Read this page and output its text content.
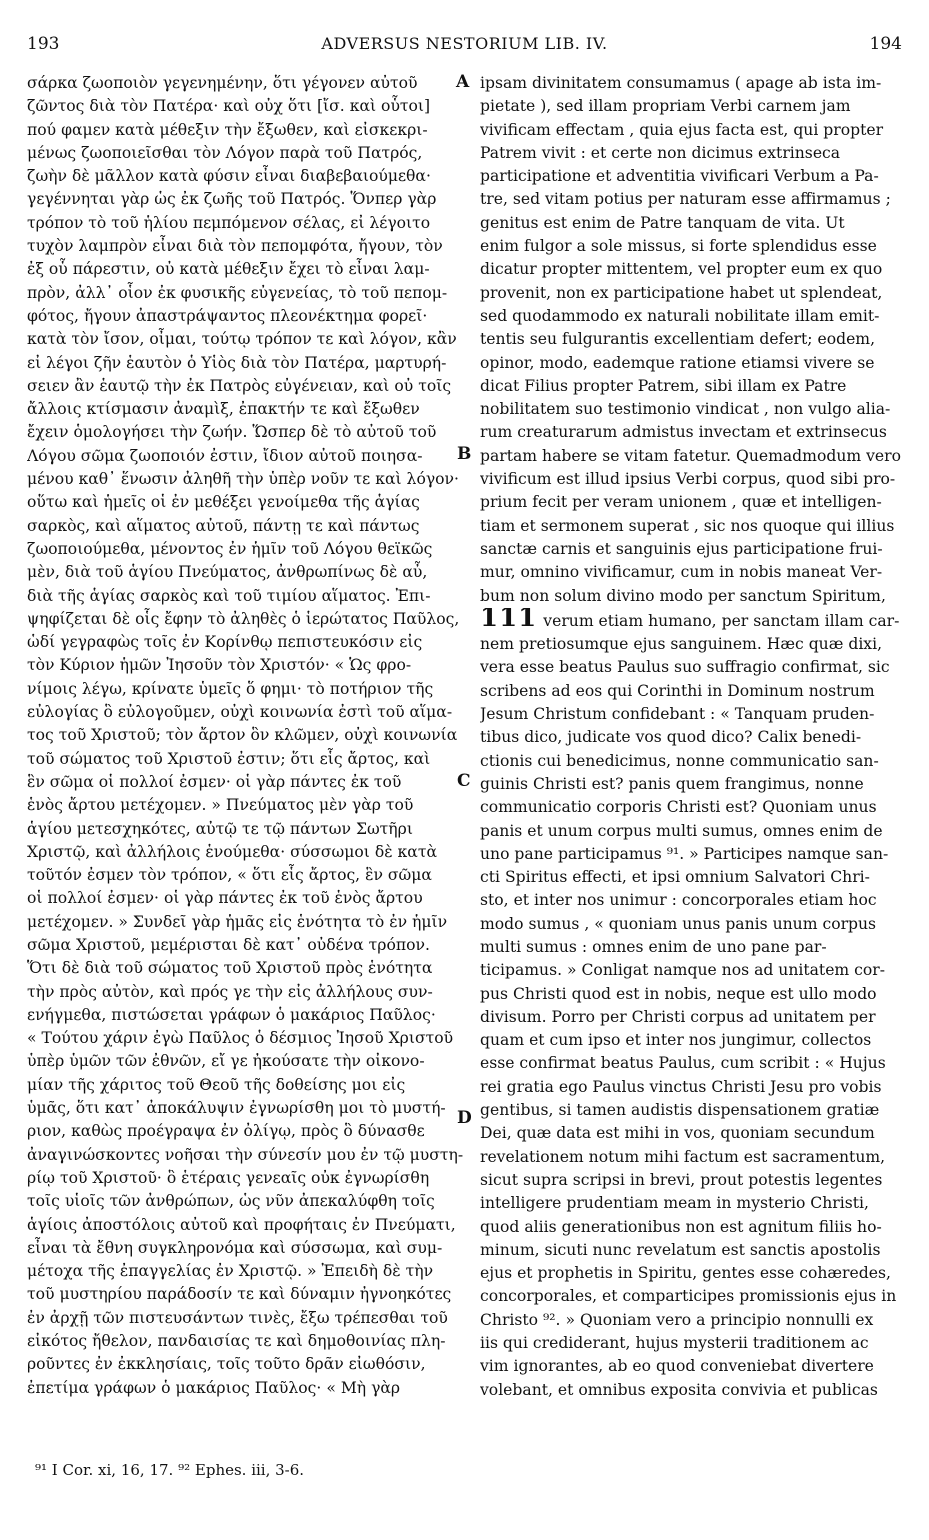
193	ADVERSUS NESTORIUM LIB. IV.	194
σάρκα ζωοποιὸν γεγενημένην, ὅτι γέγονεν αὐτοῦ
ζῶντος διὰ τὸν Πατέρα· καὶ οὐχ ὅτι [ἴσ. καὶ οὗτοι]
πού φαμεν κατὰ μέθεξιν τὴν ἔξωθεν, καὶ εἰσκεκρι-
μένως ζωοποιεῖσθαι τὸν Λόγον παρὰ τοῦ Πατρός,
ζωὴν δὲ μᾶλλον κατὰ φύσιν εἶναι διαβεβαιούμεθα·
γεγέννηται γὰρ ὡς ἐκ ζωῆς τοῦ Πατρός. Ὅνπερ γὰρ
τρόπον τὸ τοῦ ἡλίου πεμπόμενον σέλας, εἰ λέγοιτο
τυχὸν λαμπρὸν εἶναι διὰ τὸν πεπομφότα, ἤγουν, τὸν
ἐξ οὗ πάρεστιν, οὐ κατὰ μέθεξιν ἔχει τὸ εἶναι λαμ-
πρὸν, ἀλλ᾽ οἷον ἐκ φυσικῆς εὐγενείας, τὸ τοῦ πεπομ-
φότος, ἤγουν ἀπαστράψαντος πλεονέκτημα φορεῖ·
κατὰ τὸν ἴσον, οἶμαι, τούτῳ τρόπον τε καὶ λόγον, κἂν
εἰ λέγοι ζῆν ἑαυτὸν ὁ Υἱὸς διὰ τὸν Πατέρα, μαρτυρή-
σειεν ἂν ἑαυτῷ τὴν ἐκ Πατρὸς εὐγένειαν, καὶ οὐ τοῖς
ἄλλοις κτίσμασιν ἀναμὶξ, ἐπακτήν τε καὶ ἔξωθεν
ἔχειν ὁμολογήσει τὴν ζωήν. Ὥσπερ δὲ τὸ αὐτοῦ τοῦ
Λόγου σῶμα ζωοποιόν ἐστιν, ἴδιον αὐτοῦ ποιησα-
μένου καθ᾽ ἕνωσιν ἀληθῆ τὴν ὑπὲρ νοῦν τε καὶ λόγον·
οὕτω καὶ ἡμεῖς οἱ ἐν μεθέξει γενοίμεθα τῆς ἁγίας
σαρκὸς, καὶ αἵματος αὐτοῦ, πάντῃ τε καὶ πάντως
ζωοποιούμεθα, μένοντος ἐν ἡμῖν τοῦ Λόγου θεϊκῶς
μὲν, διὰ τοῦ ἁγίου Πνεύματος, ἀνθρωπίνως δὲ αὖ,
διὰ τῆς ἁγίας σαρκὸς καὶ τοῦ τιμίου αἵματος. Ἐπι-
ψηφίζεται δὲ οἷς ἔφην τὸ ἀληθὲς ὁ ἱερώτατος Παῦλος,
ὡδί γεγραφὼς τοῖς ἐν Κορίνθῳ πεπιστευκόσιν εἰς
τὸν Κύριον ἡμῶν Ἰησοῦν τὸν Χριστόν· « Ὡς φρο-
νίμοις λέγω, κρίνατε ὑμεῖς ὅ φημι· τὸ ποτήριον τῆς
εὐλογίας ὃ εὐλογοῦμεν, οὐχὶ κοινωνία ἐστὶ τοῦ αἵμα-
τος τοῦ Χριστοῦ; τὸν ἄρτον ὃν κλῶμεν, οὐχὶ κοινωνία
τοῦ σώματος τοῦ Χριστοῦ ἐστιν; ὅτι εἷς ἄρτος, καὶ
ἓν σῶμα οἱ πολλοί ἐσμεν· οἱ γὰρ πάντες ἐκ τοῦ
ἑνὸς ἄρτου μετέχομεν. » Πνεύματος μὲν γὰρ τοῦ
ἁγίου μετεσχηκότες, αὐτῷ τε τῷ πάντων Σωτῆρι
Χριστῷ, καὶ ἀλλήλοις ἑνούμεθα· σύσσωμοι δὲ κατὰ
τοῦτόν ἐσμεν τὸν τρόπον, « ὅτι εἷς ἄρτος, ἓν σῶμα
οἱ πολλοί ἐσμεν· οἱ γὰρ πάντες ἐκ τοῦ ἑνὸς ἄρτου
μετέχομεν. » Συνδεῖ γὰρ ἡμᾶς εἰς ἑνότητα τὸ ἐν ἡμῖν
σῶμα Χριστοῦ, μεμέρισται δὲ κατ᾽ οὐδένα τρόπον.
Ὅτι δὲ διὰ τοῦ σώματος τοῦ Χριστοῦ πρὸς ἑνότητα
τὴν πρὸς αὐτὸν, καὶ πρός γε τὴν εἰς ἀλλήλους συν-
ενήγμεθα, πιστώσεται γράφων ὁ μακάριος Παῦλος·
« Τούτου χάριν ἐγὼ Παῦλος ὁ δέσμιος Ἰησοῦ Χριστοῦ
ὑπὲρ ὑμῶν τῶν ἐθνῶν, εἴ γε ἠκούσατε τὴν οἰκονο-
μίαν τῆς χάριτος τοῦ Θεοῦ τῆς δοθείσης μοι εἰς
ὑμᾶς, ὅτι κατ᾽ ἀποκάλυψιν ἐγνωρίσθη μοι τὸ μυστή-
ριον, καθὼς προέγραψα ἐν ὀλίγῳ, πρὸς ὃ δύνασθε
ἀναγινώσκοντες νοῆσαι τὴν σύνεσίν μου ἐν τῷ μυστη-
ρίῳ τοῦ Χριστοῦ· ὃ ἑτέραις γενεαῖς οὐκ ἐγνωρίσθη
τοῖς υἱοῖς τῶν ἀνθρώπων, ὡς νῦν ἀπεκαλύφθη τοῖς
ἁγίοις ἀποστόλοις αὐτοῦ καὶ προφήταις ἐν Πνεύματι,
εἶναι τὰ ἔθνη συγκληρονόμα καὶ σύσσωμα, καὶ συμ-
μέτοχα τῆς ἐπαγγελίας ἐν Χριστῷ. » Ἐπειδὴ δὲ τὴν
τοῦ μυστηρίου παράδοσίν τε καὶ δύναμιν ἠγνοηκότες
ἐν ἀρχῇ τῶν πιστευσάντων τινὲς, ἔξω τρέπεσθαι τοῦ
εἰκότος ἤθελον, πανδαισίας τε καὶ δημοθοινίας πλη-
ροῦντες ἐν ἐκκλησίαις, τοῖς τοῦτο δρᾶν εἰωθόσιν,
ἐπετίμα γράφων ὁ μακάριος Παῦλος· « Μὴ γὰρ
A
B
C
D
ipsam divinitatem consumamus ( apage ab ista im-
pietate ), sed illam propriam Verbi carnem jam
vivificam effectam , quia ejus facta est, qui propter
Patrem vivit : et certe non dicimus extrinseca
participatione et adventitia vivificari Verbum a Pa-
tre, sed vitam potius per naturam esse affirmamus ;
genitus est enim de Patre tanquam de vita. Ut
enim fulgor a sole missus, si forte splendidus esse
dicatur propter mittentem, vel propter eum ex quo
provenit, non ex participatione habet ut splendeat,
sed quodammodo ex naturali nobilitate illam emit-
tentis seu fulgurantis excellentiam defert; eodem,
opinor, modo, eademque ratione etiamsi vivere se
dicat Filius propter Patrem, sibi illam ex Patre
nobilitatem suo testimonio vindicat , non vulgo alia-
rum creaturarum admistus invectam et extrinsecus
partam habere se vitam fatetur. Quemadmodum vero
vivificum est illud ipsius Verbi corpus, quod sibi pro-
prium fecit per veram unionem , quæ et intelligen-
tiam et sermonem superat , sic nos quoque qui illius
sanctæ carnis et sanguinis ejus participatione frui-
mur, omnino vivificamur, cum in nobis maneat Ver-
bum non solum divino modo per sanctum Spiritum,
111 verum etiam humano, per sanctam illam car-
nem pretiosumque ejus sanguinem. Hæc quæ dixi,
vera esse beatus Paulus suo suffragio confirmat, sic
scribens ad eos qui Corinthi in Dominum nostrum
Jesum Christum confidebant : « Tanquam pruden-
tibus dico, judicate vos quod dico? Calix benedi-
ctionis cui benedicimus, nonne communicatio san-
guinis Christi est? panis quem frangimus, nonne
communicatio corporis Christi est? Quoniam unus
panis et unum corpus multi sumus, omnes enim de
uno pane participamus ⁹¹. » Participes namque san-
cti Spiritus effecti, et ipsi omnium Salvatori Chri-
sto, et inter nos unimur : concorporales etiam hoc
modo sumus , « quoniam unus panis unum corpus
multi sumus : omnes enim de uno pane par-
ticipamus. » Conligat namque nos ad unitatem cor-
pus Christi quod est in nobis, neque est ullo modo
divisum. Porro per Christi corpus ad unitatem per
quam et cum ipso et inter nos jungimur, collectos
esse confirmat beatus Paulus, cum scribit : « Hujus
rei gratia ego Paulus vinctus Christi Jesu pro vobis
gentibus, si tamen audistis dispensationem gratiæ
Dei, quæ data est mihi in vos, quoniam secundum
revelationem notum mihi factum est sacramentum,
sicut supra scripsi in brevi, prout potestis legentes
intelligere prudentiam meam in mysterio Christi,
quod aliis generationibus non est agnitum filiis ho-
minum, sicuti nunc revelatum est sanctis apostolis
ejus et prophetis in Spiritu, gentes esse cohæredes,
concorporales, et comparticipes promissionis ejus in
Christo ⁹². » Quoniam vero a principio nonnulli ex
iis qui crediderant, hujus mysterii traditionem ac
vim ignorantes, ab eo quod conveniebat divertere
volebant, et omnibus exposita convivia et publicas
⁹¹ I Cor. xi, 16, 17. ⁹² Ephes. iii, 3-6.
